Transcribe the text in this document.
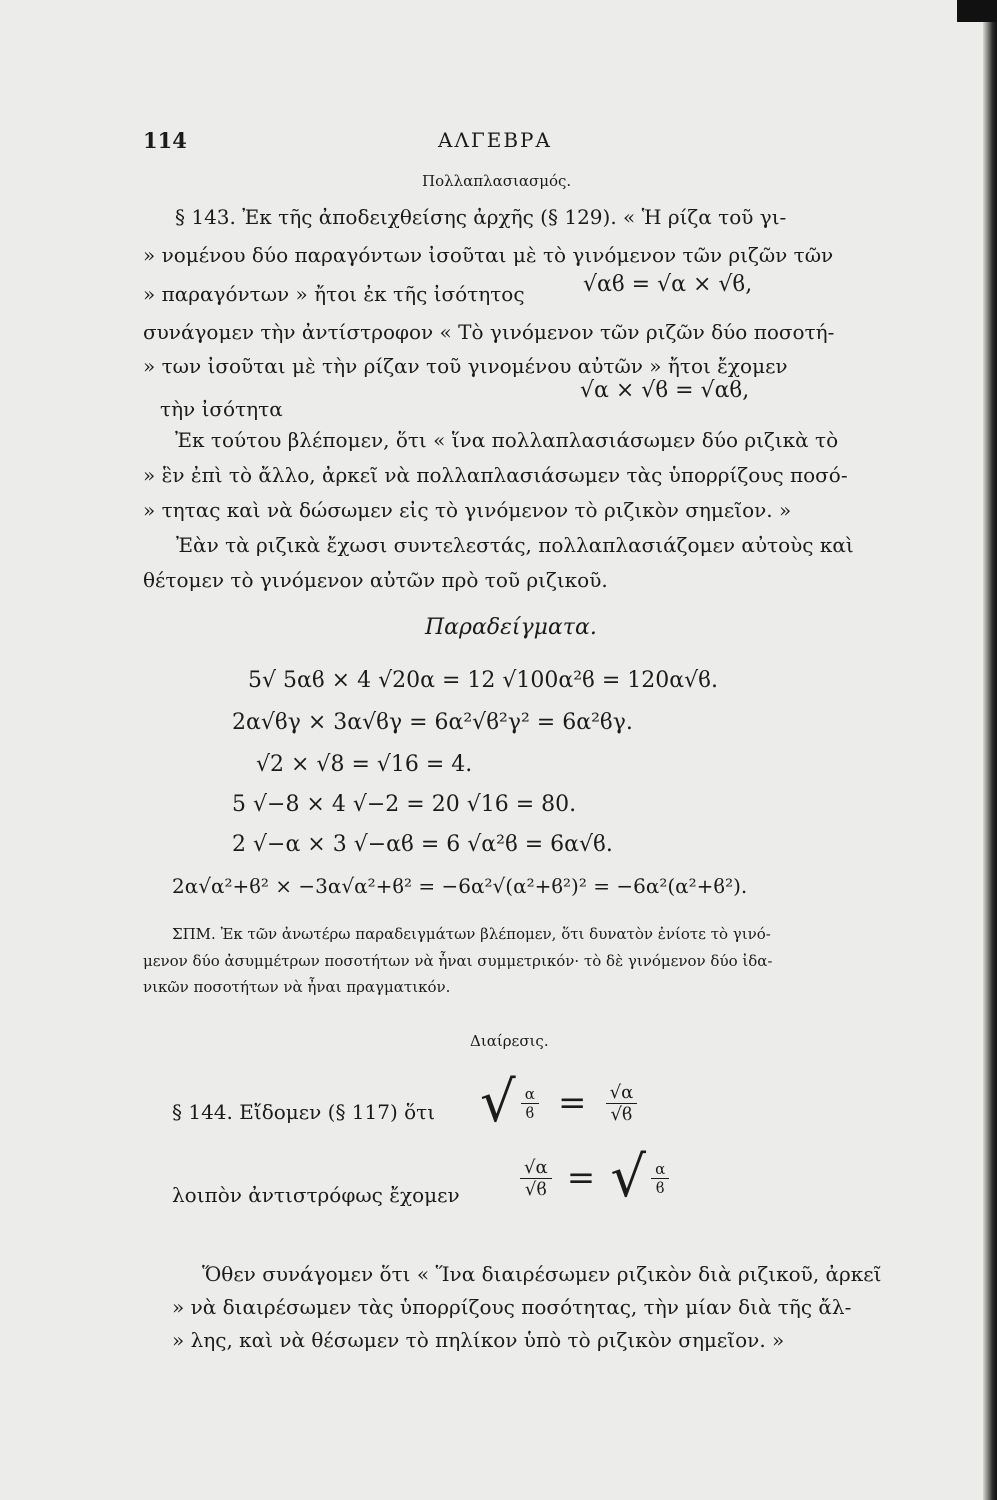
114	ΑΛΓΕΒΡΑ
Πολλαπλασιασμός.
§ 143. Ἐκ τῆς ἀποδειχθείσης ἀρχῆς (§ 129). « Ἡ ρίζα τοῦ γι-
» νομένου δύο παραγόντων ἰσοῦται μὲ τὸ γινόμενον τῶν ριζῶν τῶν
» παραγόντων » ἤτοι ἐκ τῆς ἰσότητος	√αϐ = √α × √ϐ,
συνάγομεν τὴν ἀντίστροφον « Τὸ γινόμενον τῶν ριζῶν δύο ποσοτή-
» των ἰσοῦται μὲ τὴν ρίζαν τοῦ γινομένου αὐτῶν » ἤτοι ἔχομεν
√α × √ϐ = √αϐ,
τὴν ἰσότητα
Ἐκ τούτου βλέπομεν, ὅτι « ἵνα πολλαπλασιάσωμεν δύο ριζικὰ τὸ
» ἓν ἐπὶ τὸ ἄλλο, ἀρκεῖ νὰ πολλαπλασιάσωμεν τὰς ὑπορρίζους ποσό-
» τητας καὶ νὰ δώσωμεν εἰς τὸ γινόμενον τὸ ριζικὸν σημεῖον. »
Ἐὰν τὰ ριζικὰ ἔχωσι συντελεστάς, πολλαπλασιάζομεν αὐτοὺς καὶ
θέτομεν τὸ γινόμενον αὐτῶν πρὸ τοῦ ριζικοῦ.
Παραδείγματα.
5√ 5αϐ × 4 √20α = 12 √100α²ϐ = 120α√ϐ.
2α√ϐγ × 3α√ϐγ = 6α²√ϐ²γ² = 6α²ϐγ.
√2 × √8 = √16 = 4.
5 √−8 × 4 √−2 = 20 √16 = 80.
2 √−α × 3 √−αϐ = 6 √α²ϐ = 6α√ϐ.
2α√α²+ϐ² × −3α√α²+ϐ² = −6α²√(α²+ϐ²)² = −6α²(α²+ϐ²).
ΣΠΜ. Ἐκ τῶν ἀνωτέρω παραδειγμάτων βλέπομεν, ὅτι δυνατὸν ἐνίοτε τὸ γινό-
μενον δύο ἀσυμμέτρων ποσοτήτων νὰ ἦναι συμμετρικόν· τὸ δὲ γινόμενον δύο ἰδα-
νικῶν ποσοτήτων νὰ ἦναι πραγματικόν.
Διαίρεσις.
§ 144. Εἴδομεν (§ 117) ὅτι √ $\frac{\alpha}{ϐ} = \frac{√\alpha}{√ϐ}$
λοιπὸν ἀντιστρόφως ἔχομεν	$\frac{√\alpha}{√ϐ}$ = √ $\frac{\alpha}{ϐ}$
Ὅθεν συνάγομεν ὅτι « Ἵνα διαιρέσωμεν ριζικὸν διὰ ριζικοῦ, ἀρκεῖ
» νὰ διαιρέσωμεν τὰς ὑπορρίζους ποσότητας, τὴν μίαν διὰ τῆς ἄλ-
» λης, καὶ νὰ θέσωμεν τὸ πηλίκον ὑπὸ τὸ ριζικὸν σημεῖον. »
